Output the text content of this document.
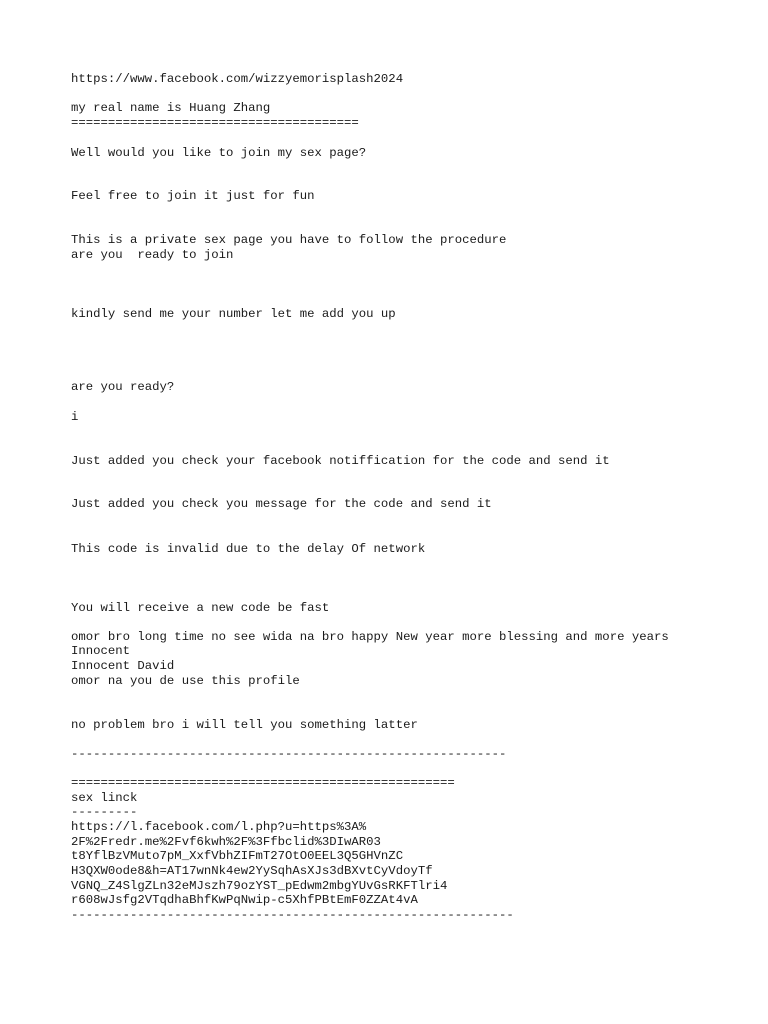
https://www.facebook.com/wizzyemorisplash2024

my real name is Huang Zhang

=======================================

Well would you like to join my sex page?

Feel free to join it just for fun

This is a private sex page you have to follow the procedure

are you  ready to join

kindly send me your number let me add you up

are you ready?

i

Just added you check your facebook notiffication for the code and send it

Just added you check you message for the code and send it

This code is invalid due to the delay Of network

You will receive a new code be fast

omor bro long time no see wida na bro happy New year more blessing and more years

Innocent

Innocent David

omor na you de use this profile

no problem bro i will tell you something latter

-----------------------------------------------------------

====================================================

sex linck

---------

https://l.facebook.com/l.php?u=https%3A%

2F%2Fredr.me%2Fvf6kwh%2F%3Ffbclid%3DIwAR03

t8YflBzVMuto7pM_XxfVbhZIFmT27OtO0EEL3Q5GHVnZC

H3QXW0ode8&h=AT17wnNk4ew2YySqhAsXJs3dBXvtCyVdoyTf

VGNQ_Z4SlgZLn32eMJszh79ozYST_pEdwm2mbgYUvGsRKFTlri4

r608wJsfg2VTqdhaBhfKwPqNwip-c5XhfPBtEmF0ZZAt4vA

------------------------------------------------------------
